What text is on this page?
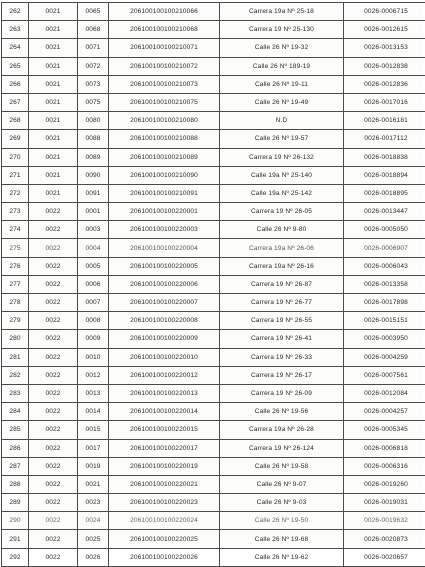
262	0021	0065	206100100100210066	Carrera 19a Nº 25-18	0026-0006715
263	0021	0068	206100100100210068	Carrera 19 Nº 25-130	0026-0012615
264	0021	0071	206100100100210071	Calle 26 Nº 19-32	0026-0013153
265	0021	0072	206100100100210072	Calle 26 Nº 189-19	0026-0012838
266	0021	0073	206100100100210073	Calle 26 Nº 19-11	0026-0012836
267	0021	0075	206100100100210075	Calle 26 Nº 19-49	0026-0017016
268	0021	0080	206100100100210080	N.D	0026-0016181
269	0021	0088	206100100100210088	Calle 26 Nº 19-57	0026-0017112
270	0021	0089	206100100100210089	Carrera 19 Nº 26-132	0026-0018838
271	0021	0090	206100100100210090	Calle 19a Nº 25-140	0026-0018894
272	0021	0091	206100100100210091	Calle 19a Nº 25-142	0026-0018895
273	0022	0001	206100100100220001	Carrera 19 Nº 26-05	0026-0013447
274	0022	0003	206100100100220003	Calle 26 Nº 9-80	0026-0005050
275	0022	0004	206100100100220004	Carrera 19a Nº 26-06	0026-0006907
276	0022	0005	206100100100220005	Carrera 19a Nº 26-16	0026-0006043
277	0022	0006	206100100100220006	Carrera 19 Nº 26-87	0026-0013358
278	0022	0007	206100100100220007	Carrera 19 Nº 26-77	0026-0017898
279	0022	0008	206100100100220008	Carrera 19 Nº 26-55	0026-0015151
280	0022	0009	206100100100220009	Carrera 19 Nº 26-41	0026-0003950
281	0022	0010	206100100100220010	Carrera 19 Nº 26-33	0026-0004259
282	0022	0012	206100100100220012	Carrera 19 Nº 26-17	0026-0007561
283	0022	0013	206100100100220013	Carrera 19 Nº 26-09	0026-0012084
284	0022	0014	206100100100220014	Calle 26 Nº 19-56	0026-0004257
285	0022	0015	206100100100220015	Carrera 19a Nº 26-28	0026-0005345
286	0022	0017	206100100100220017	Carrera 19 Nº 26-124	0026-0006818
287	0022	0019	206100100100220019	Calle 26 Nº 19-58	0026-0006316
288	0022	0021	206100100100220021	Calle 26 Nº 9-07	0026-0019260
289	0022	0023	206100100100220023	Calle 26 Nº 9-03	0026-0019031
290	0022	0024	206100100100220024	Calle 26 Nº 19-50	0026-0019632
291	0022	0025	206100100100220025	Calle 26 Nº 19-68	0026-0020873
292	0022	0026	206100100100220026	Calle 26 Nº 19-62	0026-0020657
